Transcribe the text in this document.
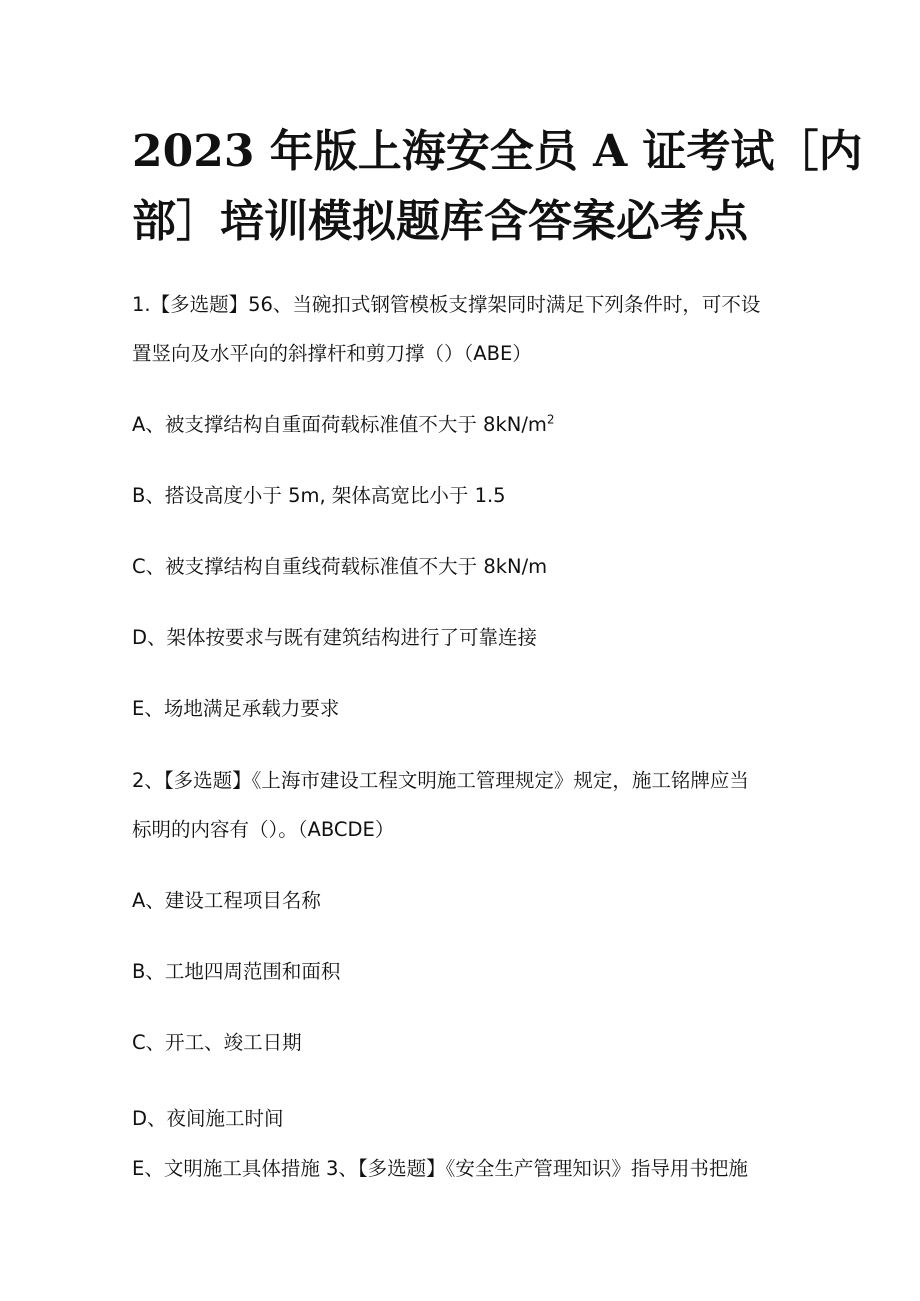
2023 年版上海安全员 A 证考试［内
部］培训模拟题库含答案必考点
1.【多选题】56、当碗扣式钢管模板支撑架同时满足下列条件时，可不设
置竖向及水平向的斜撑杆和剪刀撑（）（ABE）
A、被支撑结构自重面荷载标准值不大于 $8kN/m^2$
B、搭设高度小于 5m, 架体高宽比小于 1.5
C、被支撑结构自重线荷载标准值不大于 8kN/m
D、架体按要求与既有建筑结构进行了可靠连接
E、场地满足承载力要求
2、【多选题】《上海市建设工程文明施工管理规定》规定，施工铭牌应当
标明的内容有（）。（ABCDE）
A、建设工程项目名称
B、工地四周范围和面积
C、开工、竣工日期
D、夜间施工时间
E、文明施工具体措施 3、【多选题】《安全生产管理知识》指导用书把施
